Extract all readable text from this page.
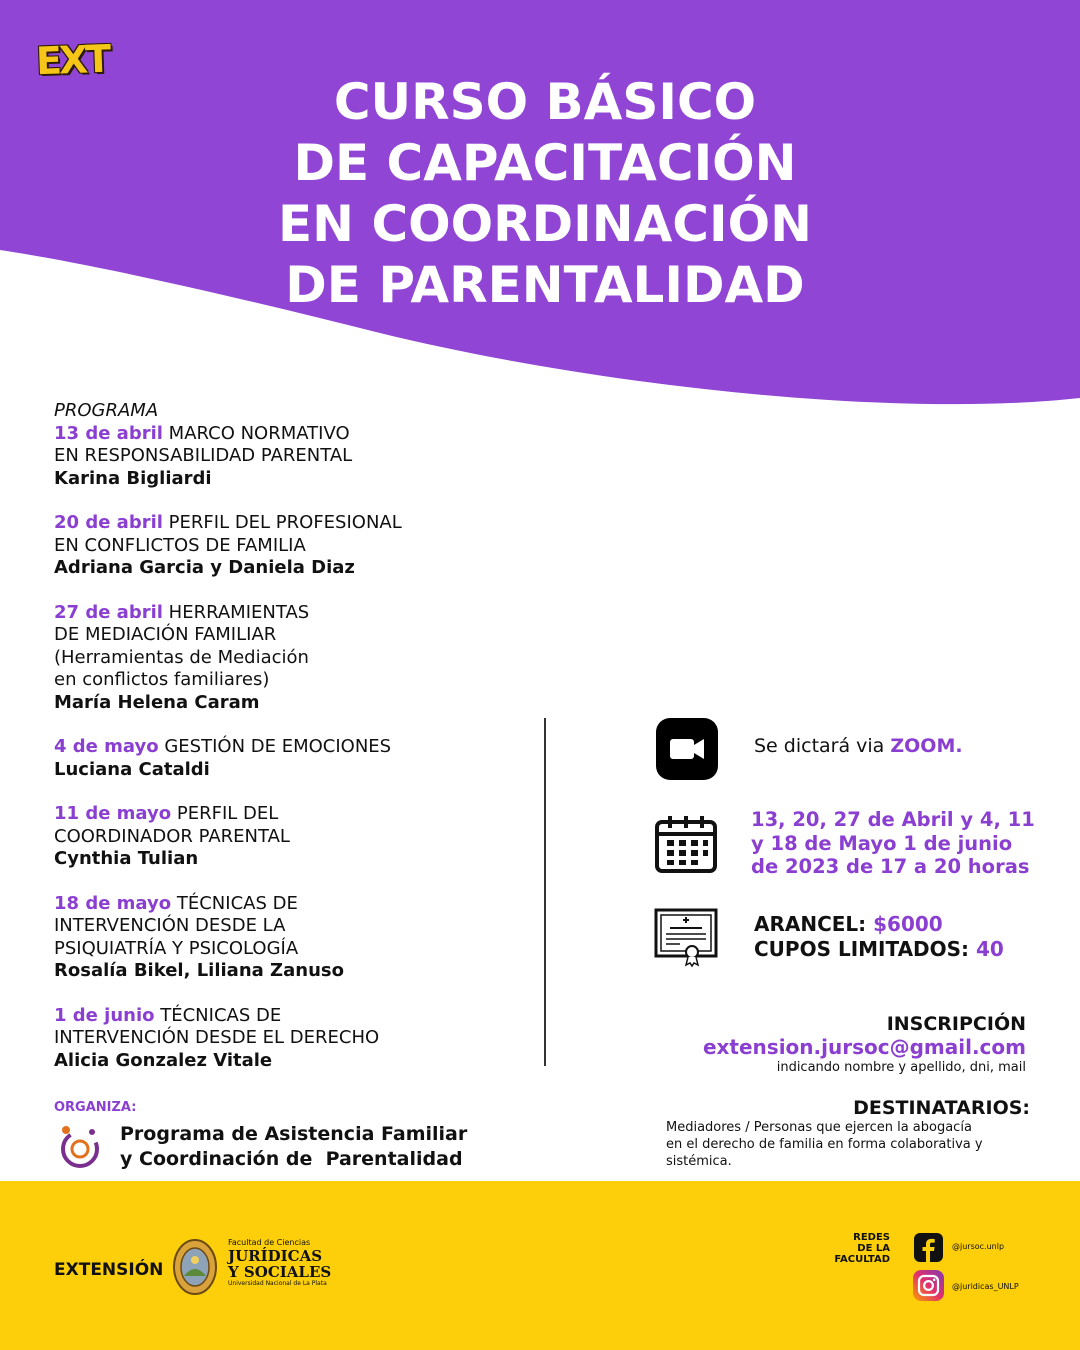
EXT
CURSO BÁSICO
DE CAPACITACIÓN
EN COORDINACIÓN
DE PARENTALIDAD
PROGRAMA
13 de abril MARCO NORMATIVO
EN RESPONSABILIDAD PARENTAL
Karina Bigliardi
20 de abril PERFIL DEL PROFESIONAL
EN CONFLICTOS DE FAMILIA
Adriana Garcia y Daniela Diaz
27 de abril HERRAMIENTAS
DE MEDIACIÓN FAMILIAR
(Herramientas de Mediación
en conflictos familiares)
María Helena Caram
4 de mayo GESTIÓN DE EMOCIONES
Luciana Cataldi
11 de mayo PERFIL DEL
COORDINADOR PARENTAL
Cynthia Tulian
18 de mayo TÉCNICAS DE
INTERVENCIÓN DESDE LA
PSIQUIATRÍA Y PSICOLOGÍA
Rosalía Bikel, Liliana Zanuso
1 de junio TÉCNICAS DE
INTERVENCIÓN DESDE EL DERECHO
Alicia Gonzalez Vitale
Se dictará via ZOOM.
13, 20, 27 de Abril y 4, 11
y 18 de Mayo 1 de junio
de 2023 de 17 a 20 horas
ARANCEL: $6000
CUPOS LIMITADOS: 40
INSCRIPCIÓN
extension.jursoc@gmail.com
indicando nombre y apellido, dni, mail
DESTINATARIOS:
Mediadores / Personas que ejercen la abogacía
en el derecho de familia en forma colaborativa y
sistémica.
ORGANIZA:
Programa de Asistencia Familiar
y Coordinación de  Parentalidad
EXTENSIÓN
Facultad de Ciencias
JURÍDICAS
Y SOCIALES
Universidad Nacional de La Plata
REDES
DE LA
FACULTAD
@jursoc.unlp
@juridicas_UNLP
